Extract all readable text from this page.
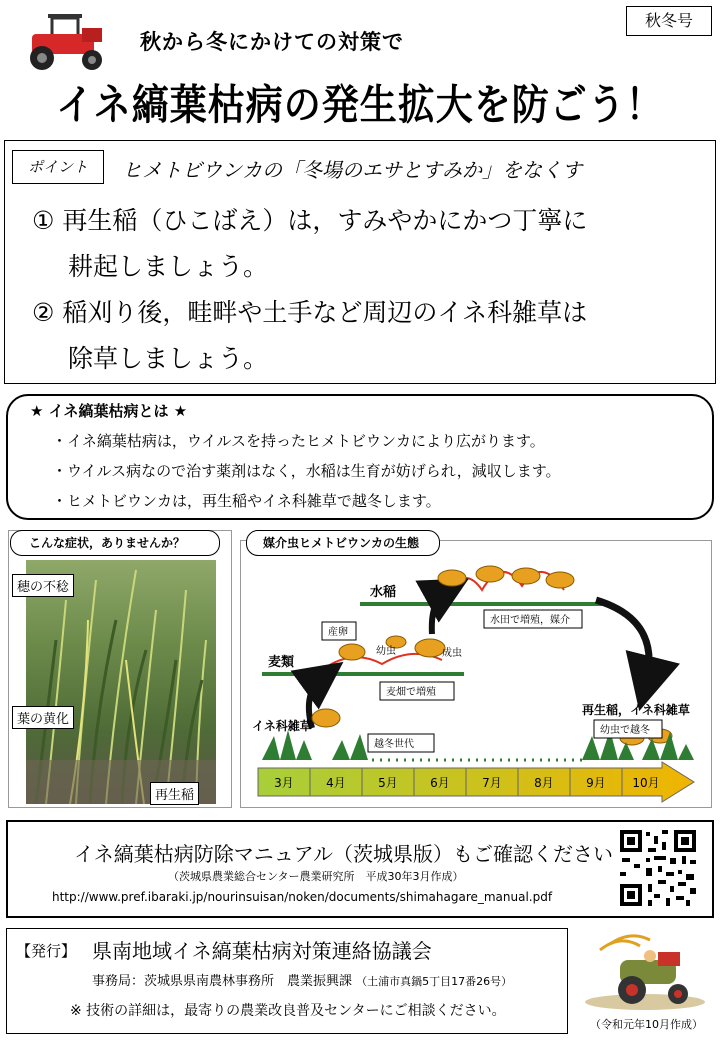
秋から冬にかけての対策で
秋冬号
イネ縞葉枯病の発生拡大を防ごう！
ポイント	ヒメトビウンカの「冬場のエサとすみか」をなくす
① 再生稲（ひこばえ）は，すみやかにかつ丁寧に
耕起しましょう。
② 稲刈り後，畦畔や土手など周辺のイネ科雑草は
除草しましょう。
★ イネ縞葉枯病とは ★
・イネ縞葉枯病は，ウイルスを持ったヒメトビウンカにより広がります。
・ウイルス病なので治す薬剤はなく，水稲は生育が妨げられ，減収します。
・ヒメトビウンカは，再生稲やイネ科雑草で越冬します。
こんな症状，ありませんか？
穂の不稔
葉の黄化
再生稲
水稲
麦類
イネ科雑草
再生稲，イネ科雑草
産卵
幼虫	成虫
水田で増殖，媒介
麦畑で増殖
越冬世代
幼虫で越冬
3月	4月	5月	6月	7月	8月	9月 10月
媒介虫ヒメトビウンカの生態
イネ縞葉枯病防除マニュアル（茨城県版）もご確認ください
（茨城県農業総合センター農業研究所　平成30年3月作成）
http://www.pref.ibaraki.jp/nourinsuisan/noken/documents/shimahagare_manual.pdf
【発行】 県南地域イネ縞葉枯病対策連絡協議会
事務局：茨城県県南農林事務所　農業振興課 （土浦市真鍋5丁目17番26号）
※ 技術の詳細は，最寄りの農業改良普及センターにご相談ください。
（令和元年10月作成）
